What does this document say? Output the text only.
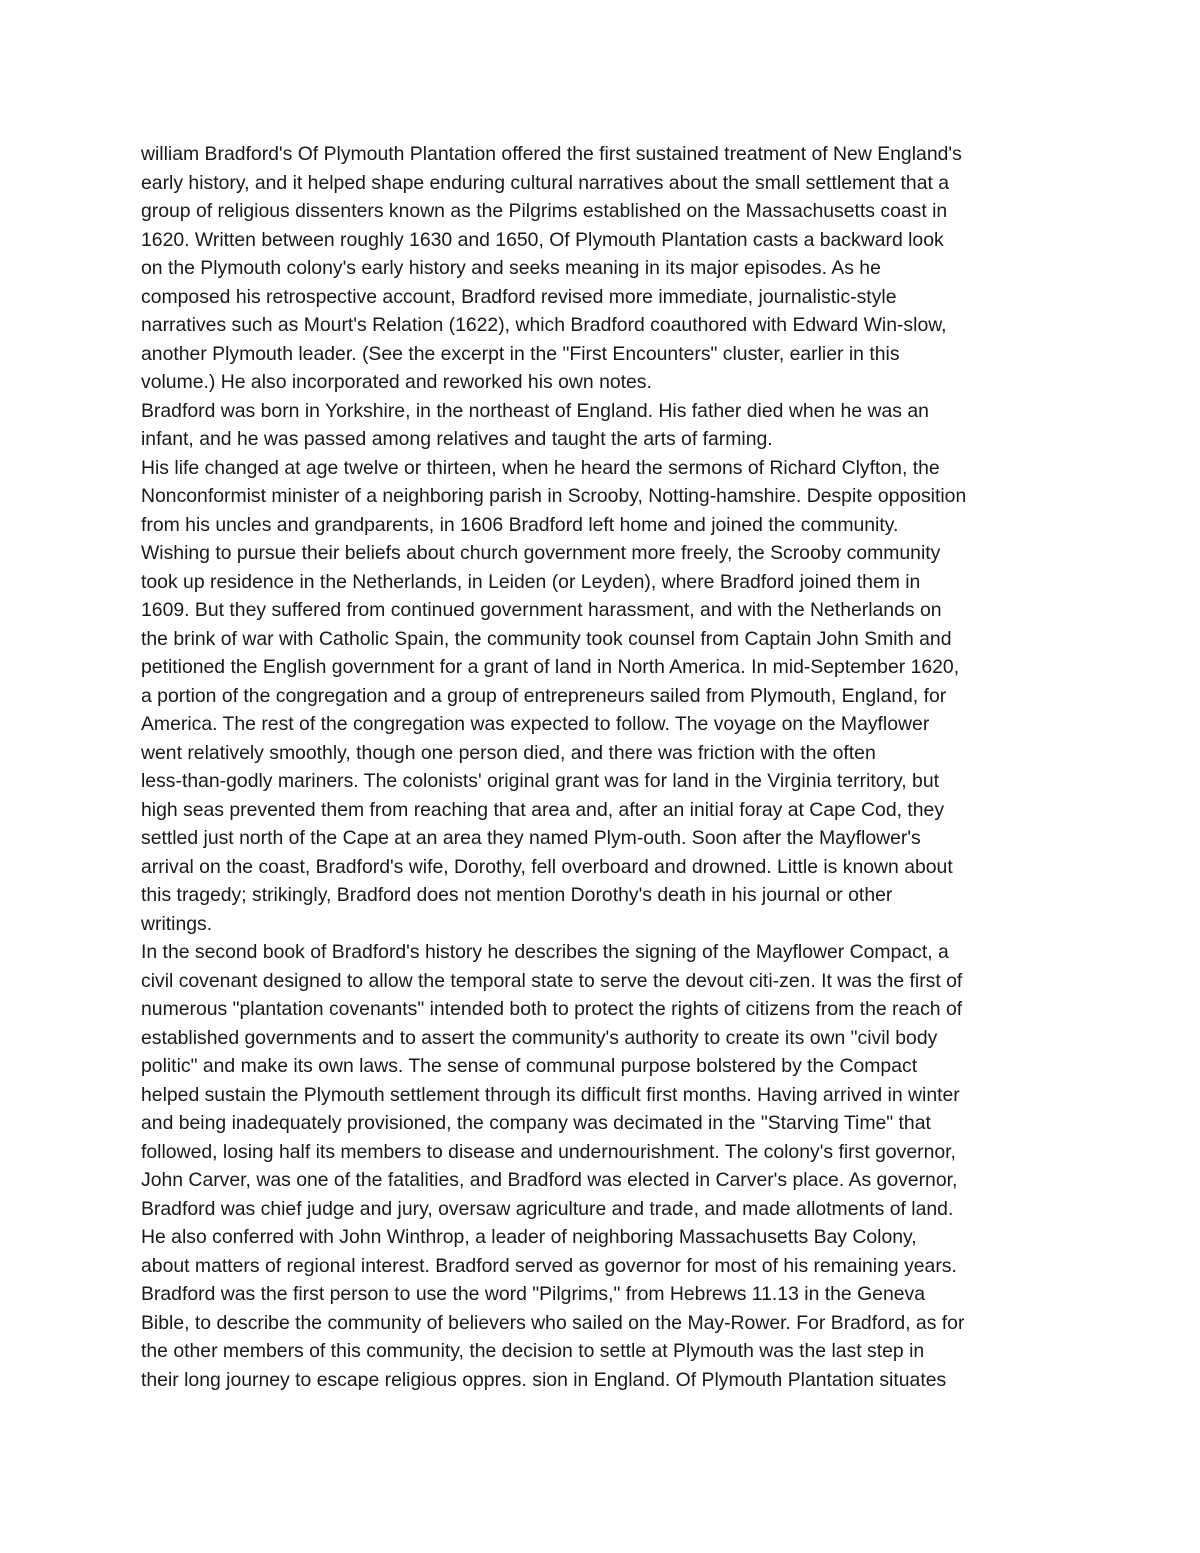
william Bradford's Of Plymouth Plantation offered the first sustained treatment of New England's
early history, and it helped shape enduring cultural narratives about the small settlement that a
group of religious dissenters known as the Pilgrims established on the Massachusetts coast in
1620. Written between roughly 1630 and 1650, Of Plymouth Plantation casts a backward look
on the Plymouth colony's early history and seeks meaning in its major episodes. As he
composed his retrospective account, Bradford revised more immediate, journalistic-style
narratives such as Mourt's Relation (1622), which Bradford coauthored with Edward Win-slow,
another Plymouth leader. (See the excerpt in the "First Encounters" cluster, earlier in this
volume.) He also incorporated and reworked his own notes.
Bradford was born in Yorkshire, in the northeast of England. His father died when he was an
infant, and he was passed among relatives and taught the arts of farming.
His life changed at age twelve or thirteen, when he heard the sermons of Richard Clyfton, the
Nonconformist minister of a neighboring parish in Scrooby, Notting-hamshire. Despite opposition
from his uncles and grandparents, in 1606 Bradford left home and joined the community.
Wishing to pursue their beliefs about church government more freely, the Scrooby community
took up residence in the Netherlands, in Leiden (or Leyden), where Bradford joined them in
1609. But they suffered from continued government harassment, and with the Netherlands on
the brink of war with Catholic Spain, the community took counsel from Captain John Smith and
petitioned the English government for a grant of land in North America. In mid-September 1620,
a portion of the congregation and a group of entrepreneurs sailed from Plymouth, England, for
America. The rest of the congregation was expected to follow. The voyage on the Mayflower
went relatively smoothly, though one person died, and there was friction with the often
less-than-godly mariners. The colonists' original grant was for land in the Virginia territory, but
high seas prevented them from reaching that area and, after an initial foray at Cape Cod, they
settled just north of the Cape at an area they named Plym-outh. Soon after the Mayflower's
arrival on the coast, Bradford's wife, Dorothy, fell overboard and drowned. Little is known about
this tragedy; strikingly, Bradford does not mention Dorothy's death in his journal or other
writings.
In the second book of Bradford's history he describes the signing of the Mayflower Compact, a
civil covenant designed to allow the temporal state to serve the devout citi-zen. It was the first of
numerous "plantation covenants" intended both to protect the rights of citizens from the reach of
established governments and to assert the community's authority to create its own "civil body
politic" and make its own laws. The sense of communal purpose bolstered by the Compact
helped sustain the Plymouth settlement through its difficult first months. Having arrived in winter
and being inadequately provisioned, the company was decimated in the "Starving Time" that
followed, losing half its members to disease and undernourishment. The colony's first governor,
John Carver, was one of the fatalities, and Bradford was elected in Carver's place. As governor,
Bradford was chief judge and jury, oversaw agriculture and trade, and made allotments of land.
He also conferred with John Winthrop, a leader of neighboring Massachusetts Bay Colony,
about matters of regional interest. Bradford served as governor for most of his remaining years.
Bradford was the first person to use the word "Pilgrims," from Hebrews 11.13 in the Geneva
Bible, to describe the community of believers who sailed on the May-Rower. For Bradford, as for
the other members of this community, the decision to settle at Plymouth was the last step in
their long journey to escape religious oppres. sion in England. Of Plymouth Plantation situates
